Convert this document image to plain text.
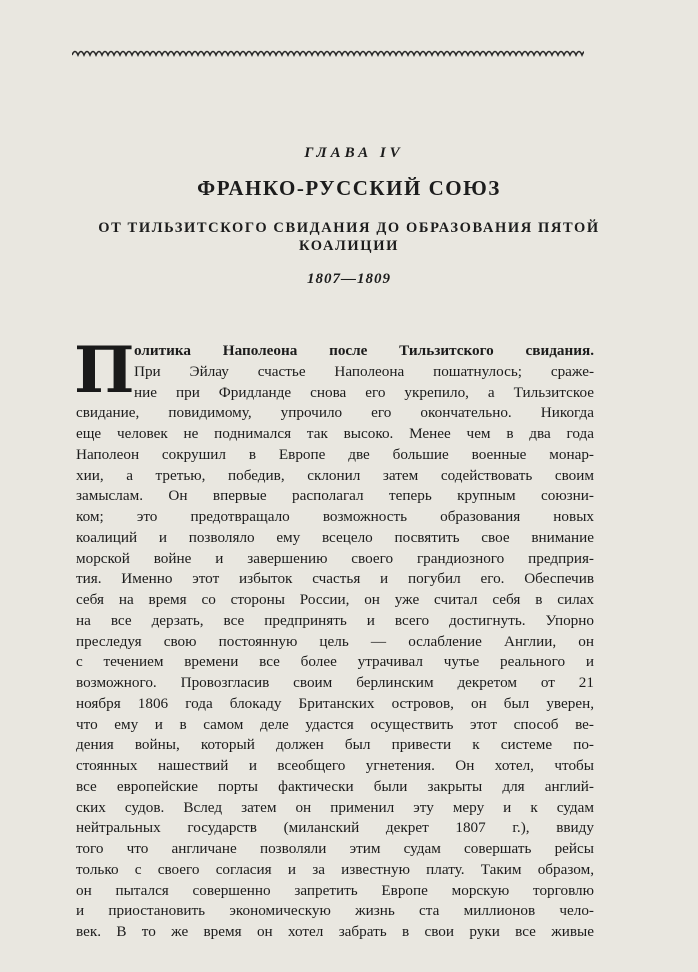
ГЛАВА IV
ФРАНКО-РУССКИЙ СОЮЗ
ОТ ТИЛЬЗИТСКОГО СВИДАНИЯ ДО ОБРАЗОВАНИЯ ПЯТОЙ КОАЛИЦИИ
1807—1809
П олитика Наполеона после Тильзитского свидания.
При Эйлау счастье Наполеона пошатнулось; сраже-
ние при Фридланде снова его укрепило, а Тильзитское
свидание, повидимому, упрочило его окончательно. Никогда
еще человек не поднимался так высоко. Менее чем в два года
Наполеон сокрушил в Европе две большие военные монар-
хии, а третью, победив, склонил затем содействовать своим
замыслам. Он впервые располагал теперь крупным союзни-
ком; это предотвращало возможность образования новых
коалиций и позволяло ему всецело посвятить свое внимание
морской войне и завершению своего грандиозного предприя-
тия. Именно этот избыток счастья и погубил его. Обеспечив
себя на время со стороны России, он уже считал себя в силах
на все дерзать, все предпринять и всего достигнуть. Упорно
преследуя свою постоянную цель — ослабление Англии, он
с течением времени все более утрачивал чутье реального и
возможного. Провозгласив своим берлинским декретом от 21
ноября 1806 года блокаду Британских островов, он был уверен,
что ему и в самом деле удастся осуществить этот способ ве-
дения войны, который должен был привести к системе по-
стоянных нашествий и всеобщего угнетения. Он хотел, чтобы
все европейские порты фактически были закрыты для англий-
ских судов. Вслед затем он применил эту меру и к судам
нейтральных государств (миланский декрет 1807 г.), ввиду
того что англичане позволяли этим судам совершать рейсы
только с своего согласия и за известную плату. Таким образом,
он пытался совершенно запретить Европе морскую торговлю
и приостановить экономическую жизнь ста миллионов чело-
век. В то же время он хотел забрать в свои руки все живые
